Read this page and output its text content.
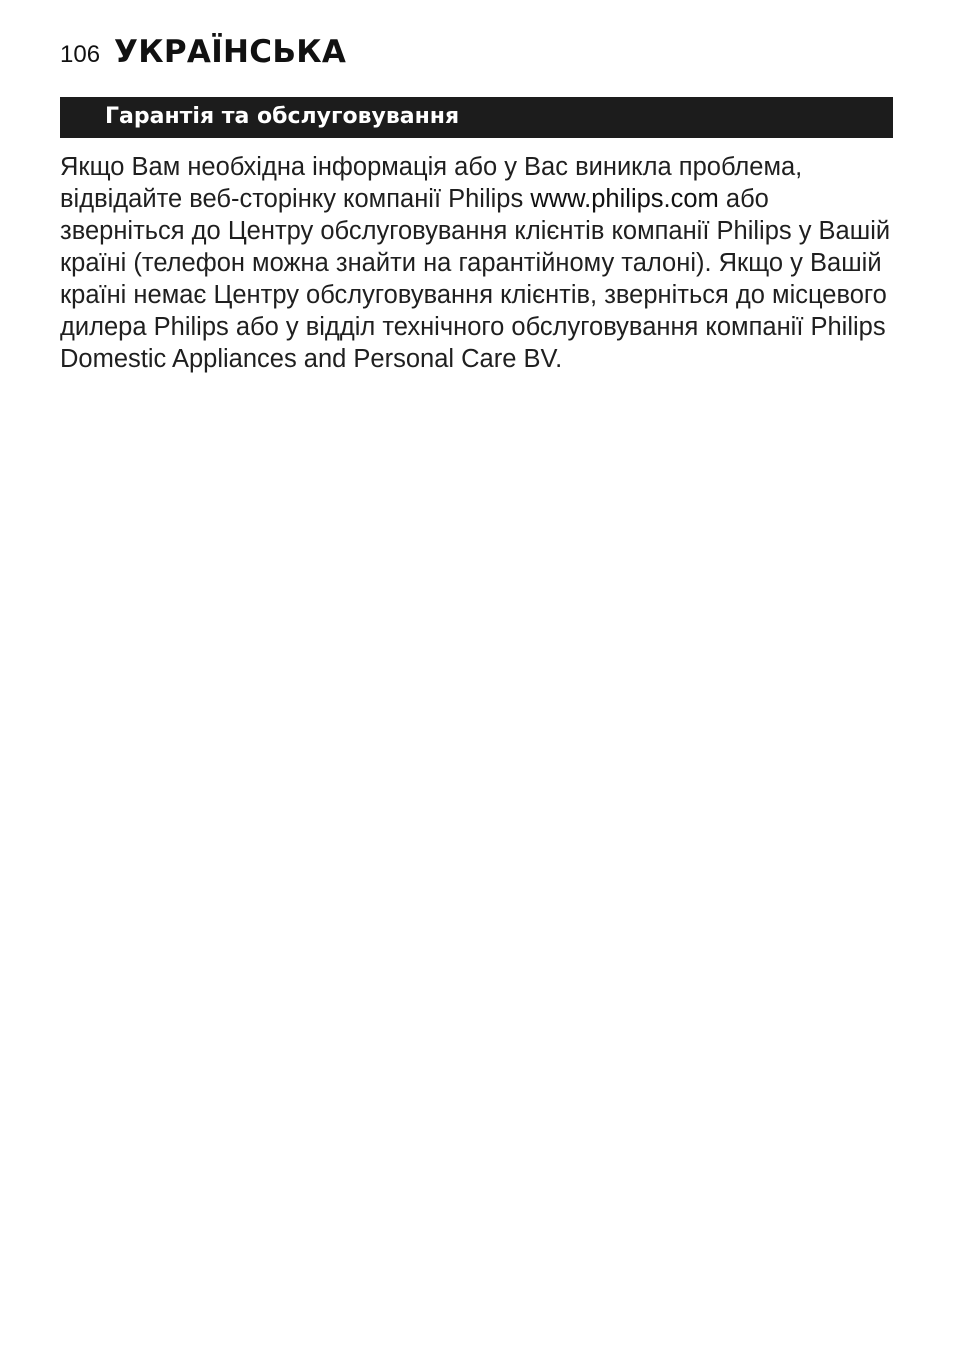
106 УКРАЇНСЬКА
Гарантія та обслуговування

Якщо Вам необхідна інформація або у Вас виникла проблема, відвідайте веб-сторінку компанії Philips www.philips.com або зверніться до Центру обслуговування клієнтів компанії Philips у Вашій країні (телефон можна знайти на гарантійному талоні). Якщо у Вашій країні немає Центру обслуговування клієнтів, зверніться до місцевого дилера Philips або у відділ технічного обслуговування компанії Philips Domestic Appliances and Personal Care BV.
